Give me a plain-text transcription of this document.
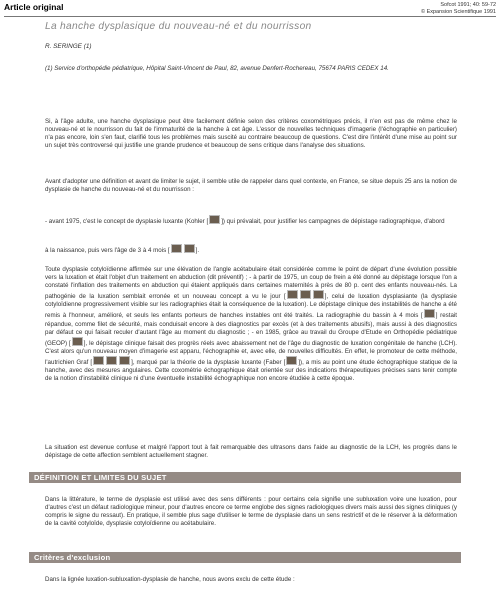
Article original	Sofcot 1991; 40: 59-72
© Expansion Scientifique 1991
La hanche dysplasique du nouveau-né et du nourrisson
R. SERINGE (1)
(1) Service d'orthopédie pédiatrique, Hôpital Saint-Vincent de Paul, 82, avenue Denfert-Rochereau, 75674 PARIS CEDEX 14.
Si, à l'âge adulte, une hanche dysplasique peut être facilement définie selon des critères coxométriques précis, il n'en est pas de même chez le nouveau-né et le nourrisson du fait de l'immaturité de la hanche à cet âge. L'essor de nouvelles techniques d'imagerie (l'échographie en particulier) n'a pas encore, loin s'en faut, clarifié tous les problèmes mais suscité au contraire beaucoup de questions. C'est dire l'intérêt d'une mise au point sur un sujet très controversé qui justifie une grande prudence et beaucoup de sens critique dans l'analyse des situations.
Avant d'adopter une définition et avant de limiter le sujet, il semble utile de rappeler dans quel contexte, en France, se situe depuis 25 ans la notion de dysplasie de hanche du nouveau-né et du nourrisson :
- avant 1975, c'est le concept de dysplasie luxante (Kohler [ ]) qui prévalait, pour justifier les campagnes de dépistage radiographique, d'abord
à la naissance, puis vers l'âge de 3 à 4 mois [	].
Toute dysplasie cotyloïdienne affirmée sur une élévation de l'angle acétabulaire était considérée comme le point de départ d'une évolution possible vers la luxation et était l'objet d'un traitement en abduction (dit préventif) ; - à partir de 1975, un coup de frein a été donné au dépistage lorsque l'on a constaté l'inflation des traitements en abduction qui étaient appliqués dans certaines maternités à près de 80 p. cent des enfants nouveau-nés. La pathogénie de la luxation semblait erronée et un nouveau concept a vu le jour [	], celui de luxation dysplasiante (la dysplasie cotyloïdienne progressivement visible sur les radiographies était la conséquence de la luxation). Le dépistage clinique des instabilités de hanche a été remis à l'honneur, amélioré, et seuls les enfants porteurs de hanches instables ont été traités. La radiographie du bassin à 4 mois [ ] restait répandue, comme filet de sécurité, mais conduisait encore à des diagnostics par excès (et à des traitements abusifs), mais aussi à des diagnostics par défaut ce qui faisait reculer d'autant l'âge au moment du diagnostic ; - en 1985, grâce au travail du Groupe d'Etude en Orthopédie pédiatrique (GEOP) [ ], le dépistage clinique faisait des progrès réels avec abaissement net de l'âge du diagnostic de luxation congénitale de hanche (LCH). C'est alors qu'un nouveau moyen d'imagerie est apparu, l'échographie et, avec elle, de nouvelles difficultés. En effet, le promoteur de cette méthode, l'autrichien Graf [	], marqué par la théorie de la dysplasie luxante (Faber [ ]), a mis au point une étude échographique statique de la hanche, avec des mesures angulaires. Cette coxométrie échographique était orientée sur des indications thérapeutiques précises sans tenir compte de la notion d'instabilité clinique ni d'une éventuelle instabilité échographique non encore étudiée à cette époque.
La situation est devenue confuse et malgré l'apport tout à fait remarquable des ultrasons dans l'aide au diagnostic de la LCH, les progrès dans le dépistage de cette affection semblent actuellement stagner.
DÉFINITION ET LIMITES DU SUJET
Dans la littérature, le terme de dysplasie est utilisé avec des sens différents : pour certains cela signifie une subluxation voire une luxation, pour d'autres c'est un défaut radiologique mineur, pour d'autres encore ce terme englobe des signes radiologiques divers mais aussi des signes cliniques (y compris le signe du ressaut). En pratique, il semble plus sage d'utiliser le terme de dysplasie dans un sens restrictif et de le réserver à la déformation de la cavité cotyloïde, dysplasie cotyloïdienne ou acétabulaire.
Critères d'exclusion
Dans la lignée luxation-subluxation-dysplasie de hanche, nous avons exclu de cette étude :
